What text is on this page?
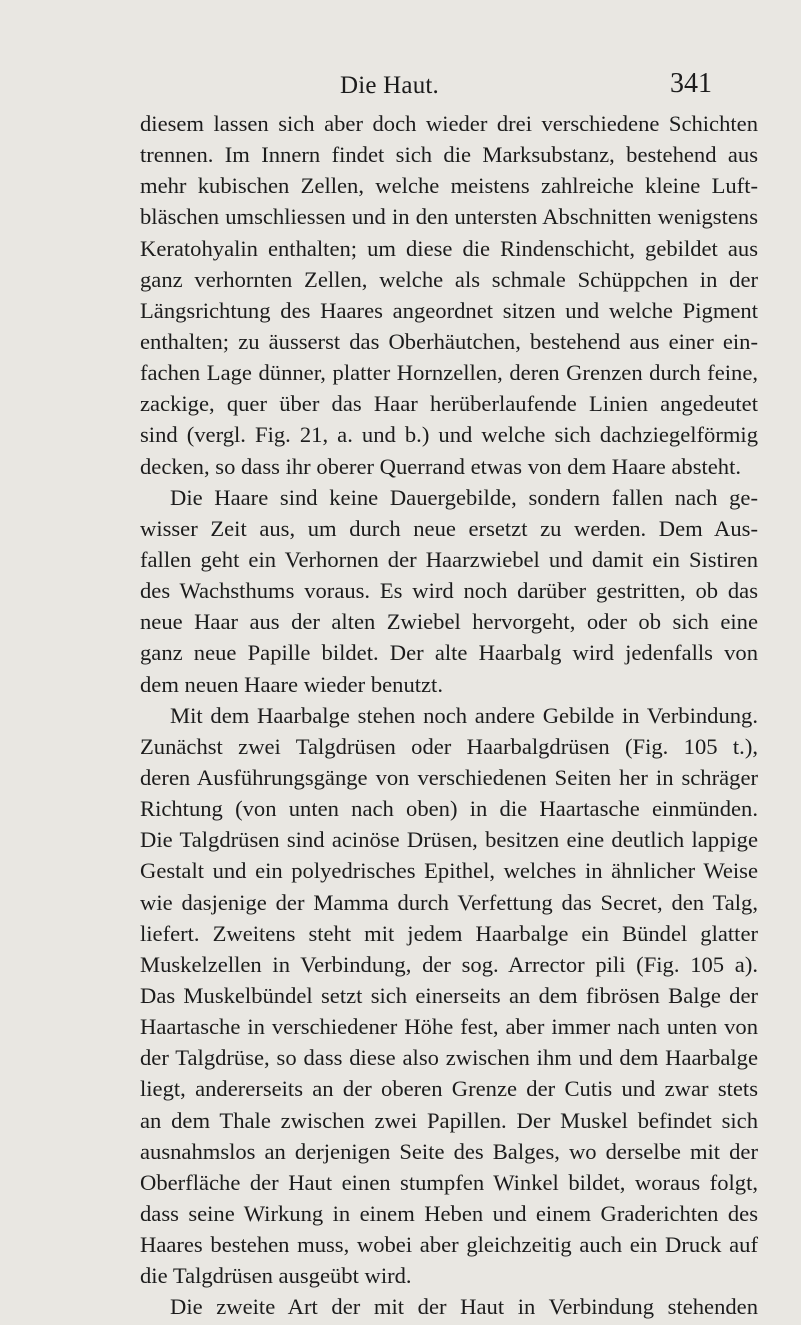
Die Haut.	341
diesem lassen sich aber doch wieder drei verschiedene Schichten
trennen. Im Innern findet sich die Marksubstanz, bestehend aus
mehr kubischen Zellen, welche meistens zahlreiche kleine Luft-
bläschen umschliessen und in den untersten Abschnitten wenigstens
Keratohyalin enthalten; um diese die Rindenschicht, gebildet aus
ganz verhornten Zellen, welche als schmale Schüppchen in der
Längsrichtung des Haares angeordnet sitzen und welche Pigment
enthalten; zu äusserst das Oberhäutchen, bestehend aus einer ein-
fachen Lage dünner, platter Hornzellen, deren Grenzen durch feine,
zackige, quer über das Haar herüberlaufende Linien angedeutet
sind (vergl. Fig. 21, a. und b.) und welche sich dachziegelförmig
decken, so dass ihr oberer Querrand etwas von dem Haare absteht.
Die Haare sind keine Dauergebilde, sondern fallen nach ge-
wisser Zeit aus, um durch neue ersetzt zu werden. Dem Aus-
fallen geht ein Verhornen der Haarzwiebel und damit ein Sistiren
des Wachsthums voraus. Es wird noch darüber gestritten, ob das
neue Haar aus der alten Zwiebel hervorgeht, oder ob sich eine
ganz neue Papille bildet. Der alte Haarbalg wird jedenfalls von
dem neuen Haare wieder benutzt.
Mit dem Haarbalge stehen noch andere Gebilde in Verbindung.
Zunächst zwei Talgdrüsen oder Haarbalgdrüsen (Fig. 105 t.),
deren Ausführungsgänge von verschiedenen Seiten her in schräger
Richtung (von unten nach oben) in die Haartasche einmünden.
Die Talgdrüsen sind acinöse Drüsen, besitzen eine deutlich lappige
Gestalt und ein polyedrisches Epithel, welches in ähnlicher Weise
wie dasjenige der Mamma durch Verfettung das Secret, den Talg,
liefert. Zweitens steht mit jedem Haarbalge ein Bündel glatter
Muskelzellen in Verbindung, der sog. Arrector pili (Fig. 105 a).
Das Muskelbündel setzt sich einerseits an dem fibrösen Balge der
Haartasche in verschiedener Höhe fest, aber immer nach unten von
der Talgdrüse, so dass diese also zwischen ihm und dem Haarbalge
liegt, andererseits an der oberen Grenze der Cutis und zwar stets
an dem Thale zwischen zwei Papillen. Der Muskel befindet sich
ausnahmslos an derjenigen Seite des Balges, wo derselbe mit der
Oberfläche der Haut einen stumpfen Winkel bildet, woraus folgt,
dass seine Wirkung in einem Heben und einem Graderichten des
Haares bestehen muss, wobei aber gleichzeitig auch ein Druck auf
die Talgdrüsen ausgeübt wird.
Die zweite Art der mit der Haut in Verbindung stehenden
